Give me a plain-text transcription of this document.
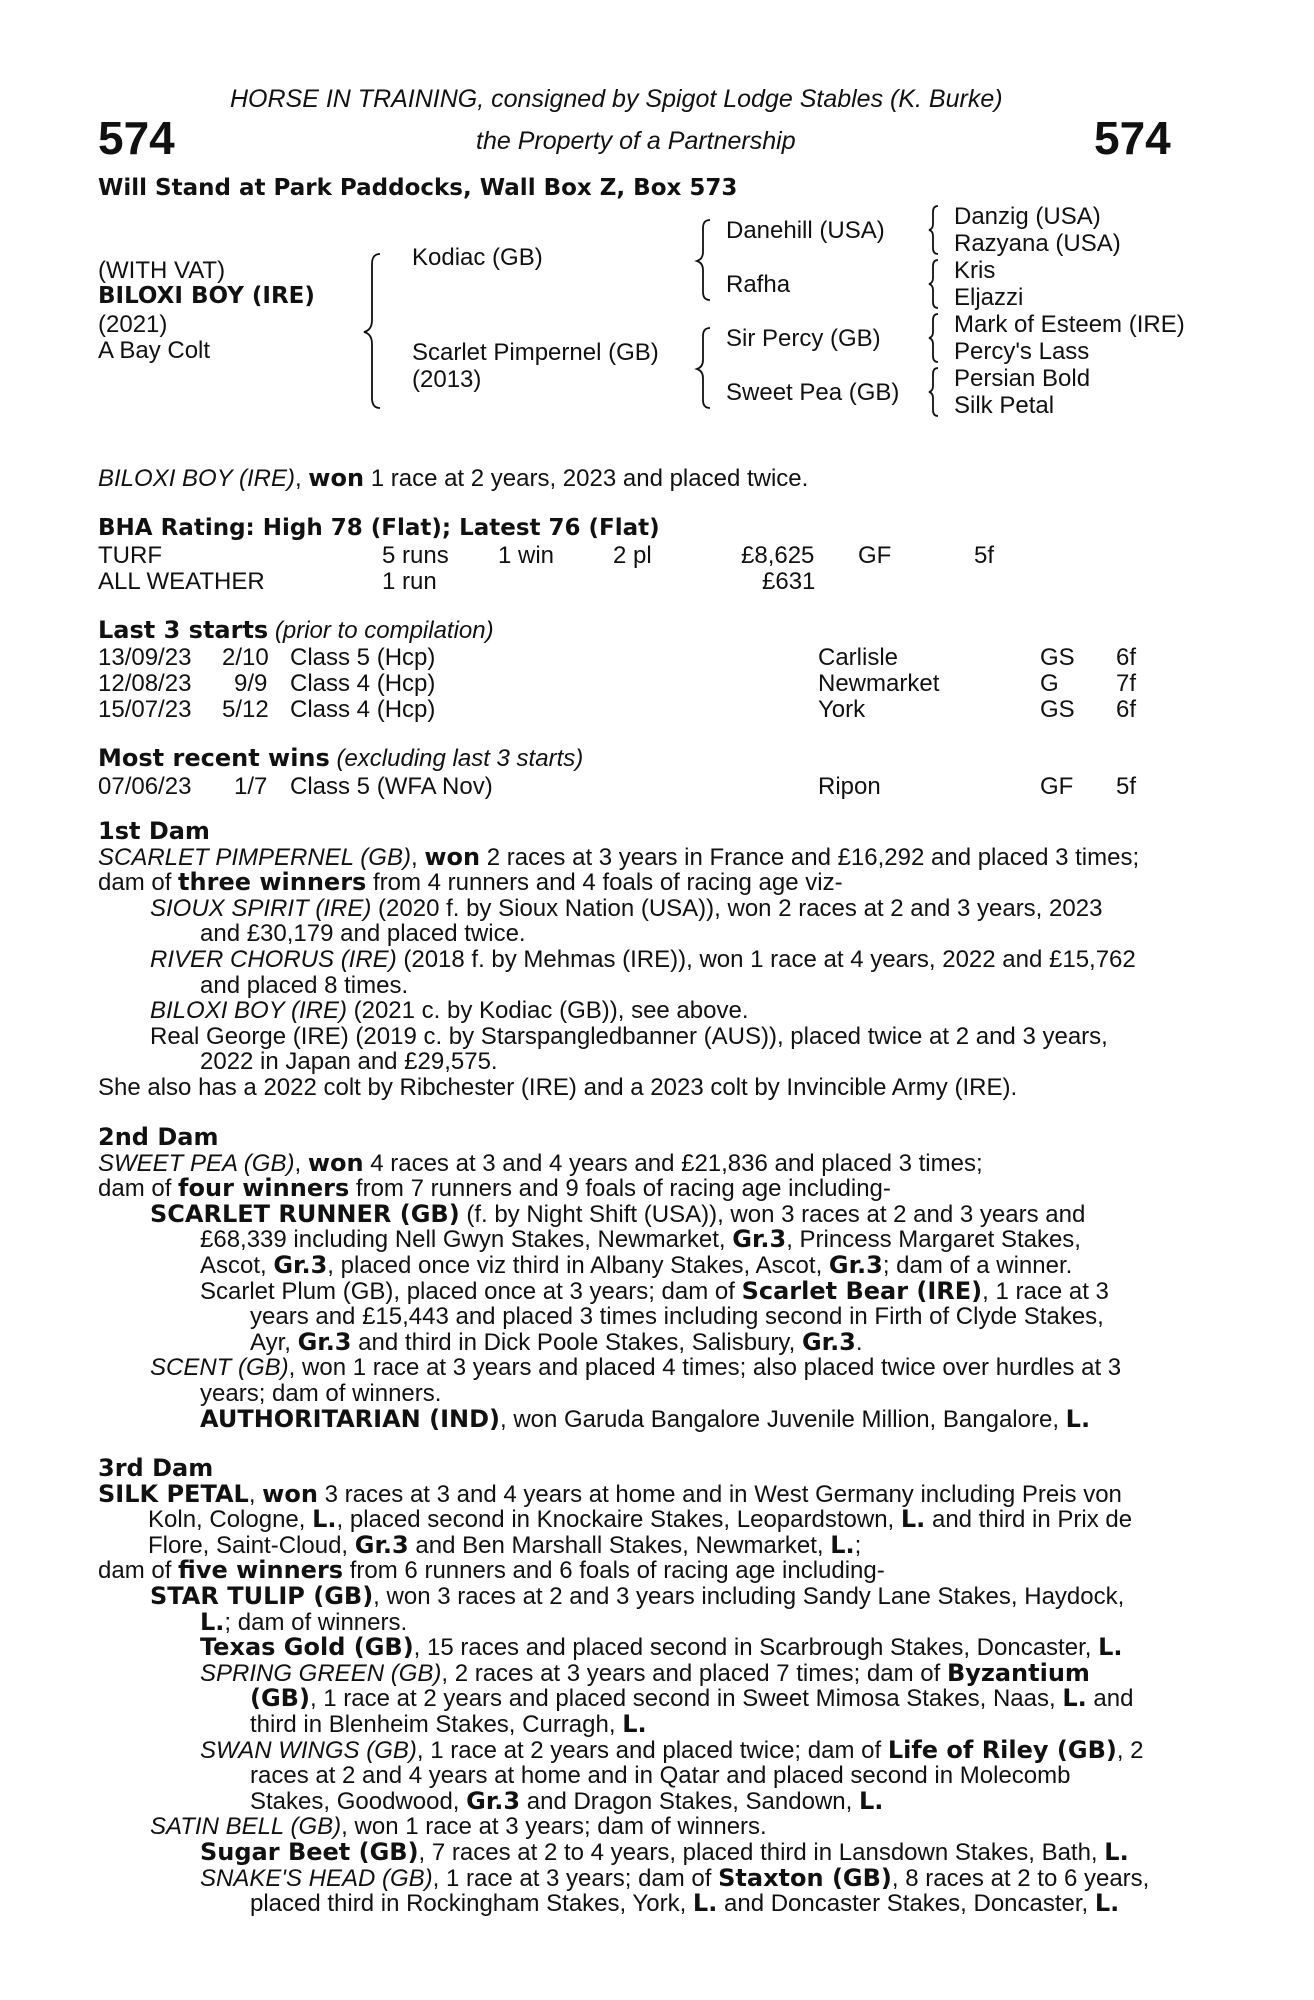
574	574
HORSE IN TRAINING, consigned by Spigot Lodge Stables (K. Burke)
the Property of a Partnership
Will Stand at Park Paddocks, Wall Box Z, Box 573
(WITH VAT)
BILOXI BOY (IRE)
(2021)
A Bay Colt
Kodiac (GB)
Scarlet Pimpernel (GB)
(2013)
Danehill (USA)
Rafha
Sir Percy (GB)
Sweet Pea (GB)
Danzig (USA)
Razyana (USA)
Kris
Eljazzi
Mark of Esteem (IRE)
Percy's Lass
Persian Bold
Silk Petal
BILOXI BOY (IRE), won 1 race at 2 years, 2023 and placed twice.
BHA Rating: High 78 (Flat); Latest 76 (Flat)
TURF	5 runs 1 win 2 pl	£8,625 GF	5f
ALL WEATHER	1 run	£631
Last 3 starts (prior to compilation)
13/09/23 2/10 Class 5 (Hcp)	Carlisle	GS 6f
12/08/23 9/9 Class 4 (Hcp)	Newmarket	G 7f
15/07/23 5/12 Class 4 (Hcp)	York	GS 6f
Most recent wins (excluding last 3 starts)
07/06/23 1/7 Class 5 (WFA Nov)	Ripon	GF 5f

1st Dam

SCARLET PIMPERNEL (GB), won 2 races at 3 years in France and £16,292 and placed 3 times;

dam of three winners from 4 runners and 4 foals of racing age viz-

SIOUX SPIRIT (IRE) (2020 f. by Sioux Nation (USA)), won 2 races at 2 and 3 years, 2023

and £30,179 and placed twice.

RIVER CHORUS (IRE) (2018 f. by Mehmas (IRE)), won 1 race at 4 years, 2022 and £15,762

and placed 8 times.

BILOXI BOY (IRE) (2021 c. by Kodiac (GB)), see above.

Real George (IRE) (2019 c. by Starspangledbanner (AUS)), placed twice at 2 and 3 years,

2022 in Japan and £29,575.

She also has a 2022 colt by Ribchester (IRE) and a 2023 colt by Invincible Army (IRE).

2nd Dam

SWEET PEA (GB), won 4 races at 3 and 4 years and £21,836 and placed 3 times;

dam of four winners from 7 runners and 9 foals of racing age including-

SCARLET RUNNER (GB) (f. by Night Shift (USA)), won 3 races at 2 and 3 years and

£68,339 including Nell Gwyn Stakes, Newmarket, Gr.3, Princess Margaret Stakes,

Ascot, Gr.3, placed once viz third in Albany Stakes, Ascot, Gr.3; dam of a winner.

Scarlet Plum (GB), placed once at 3 years; dam of Scarlet Bear (IRE), 1 race at 3

years and £15,443 and placed 3 times including second in Firth of Clyde Stakes,

Ayr, Gr.3 and third in Dick Poole Stakes, Salisbury, Gr.3.

SCENT (GB), won 1 race at 3 years and placed 4 times; also placed twice over hurdles at 3

years; dam of winners.

AUTHORITARIAN (IND), won Garuda Bangalore Juvenile Million, Bangalore, L.

3rd Dam

SILK PETAL, won 3 races at 3 and 4 years at home and in West Germany including Preis von

Koln, Cologne, L., placed second in Knockaire Stakes, Leopardstown, L. and third in Prix de

Flore, Saint-Cloud, Gr.3 and Ben Marshall Stakes, Newmarket, L.;

dam of five winners from 6 runners and 6 foals of racing age including-

STAR TULIP (GB), won 3 races at 2 and 3 years including Sandy Lane Stakes, Haydock,

L.; dam of winners.

Texas Gold (GB), 15 races and placed second in Scarbrough Stakes, Doncaster, L.

SPRING GREEN (GB), 2 races at 3 years and placed 7 times; dam of Byzantium

(GB), 1 race at 2 years and placed second in Sweet Mimosa Stakes, Naas, L. and

third in Blenheim Stakes, Curragh, L.

SWAN WINGS (GB), 1 race at 2 years and placed twice; dam of Life of Riley (GB), 2

races at 2 and 4 years at home and in Qatar and placed second in Molecomb

Stakes, Goodwood, Gr.3 and Dragon Stakes, Sandown, L.

SATIN BELL (GB), won 1 race at 3 years; dam of winners.

Sugar Beet (GB), 7 races at 2 to 4 years, placed third in Lansdown Stakes, Bath, L.

SNAKE'S HEAD (GB), 1 race at 3 years; dam of Staxton (GB), 8 races at 2 to 6 years,

placed third in Rockingham Stakes, York, L. and Doncaster Stakes, Doncaster, L.
